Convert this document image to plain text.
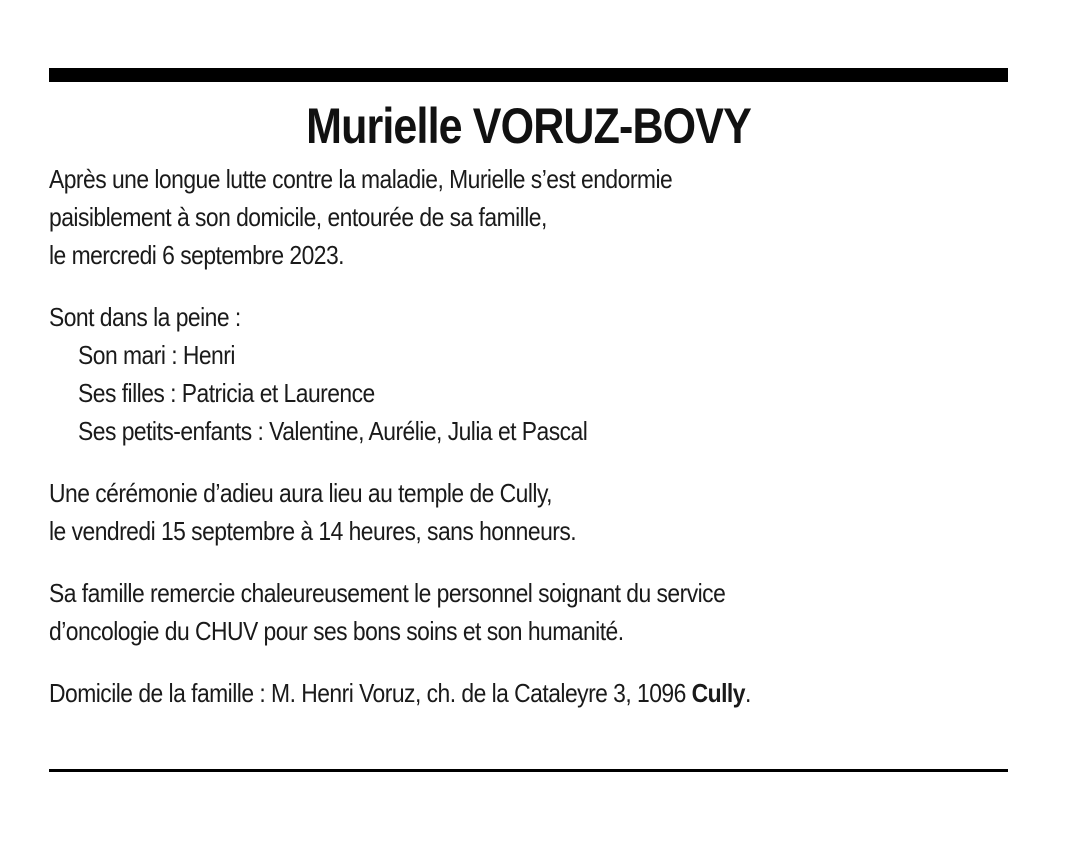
Murielle VORUZ-BOVY

Après une longue lutte contre la maladie, Murielle s’est endormie
paisiblement à son domicile, entourée de sa famille,
le mercredi 6 septembre 2023.

Sont dans la peine :
Son mari : Henri
Ses filles : Patricia et Laurence
Ses petits-enfants : Valentine, Aurélie, Julia et Pascal

Une cérémonie d’adieu aura lieu au temple de Cully,
le vendredi 15 septembre à 14 heures, sans honneurs.

Sa famille remercie chaleureusement le personnel soignant du service
d’oncologie du CHUV pour ses bons soins et son humanité.

Domicile de la famille : M. Henri Voruz, ch. de la Cataleyre 3, 1096 Cully.
